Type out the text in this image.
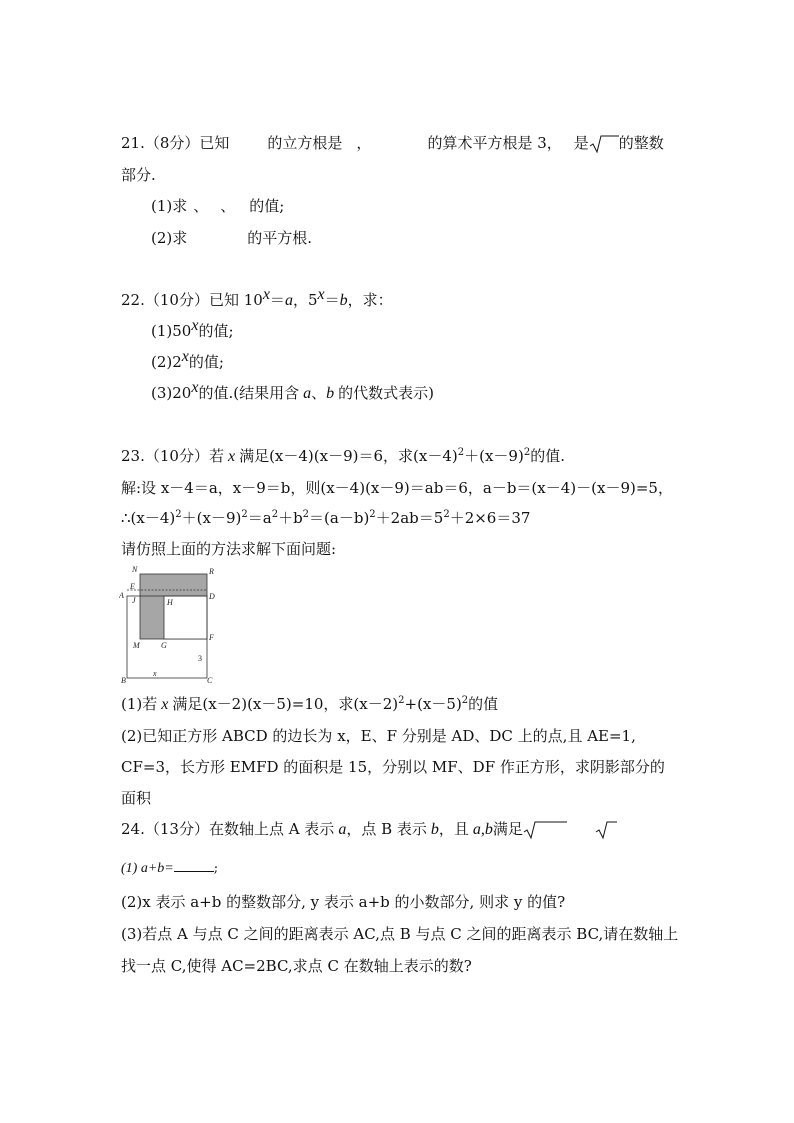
21.（8分）已知	的立方根是 ，	的算术平方根是 3， 是 的整数
部分.
(1)求 、 、 的值;
(2)求	的平方根.
22.（10分）已知 $10^x=a$，$5^x=b$，求：
(1)50$^x$的值;
(2)2$^x$的值;
(3)20$^x$的值.(结果用含 a、b 的代数式表示)
23.（10分）若 x 满足(x－4)(x－9)＝6，求$(x-4)^2+(x-9)^2$的值.
解:设 x－4＝a，x－9＝b，则(x－4)(x－9)＝ab＝6，a－b＝(x－4)－(x－9)=5，
$\therefore(x-4)^2+(x-9)^2=a^2+b^2=(a-b)^2+2ab=5^2+2\times 6=37$
请仿照上面的方法求解下面问题:
N	R
A
E
D
J	H
F
M	G
x
3
B	C
(1)若 x 满足(x－2)(x－5)=10，求$(x-2)^2+(x-5)^2$的值
(2)已知正方形 ABCD 的边长为 x，E、F 分别是 AD、DC 上的点,且 AE=1,
CF=3，长方形 EMFD 的面积是 15，分别以 MF、DF 作正方形，求阴影部分的
面积
24.（13分）在数轴上点 A 表示 a，点 B 表示 b，且 a,b满足
(1) a+b=	;
(2)x 表示 a+b 的整数部分, y 表示 a+b 的小数部分, 则求 y 的值?
(3)若点 A 与点 C 之间的距离表示 AC,点 B 与点 C 之间的距离表示 BC,请在数轴上
找一点 C,使得 AC=2BC,求点 C 在数轴上表示的数?
